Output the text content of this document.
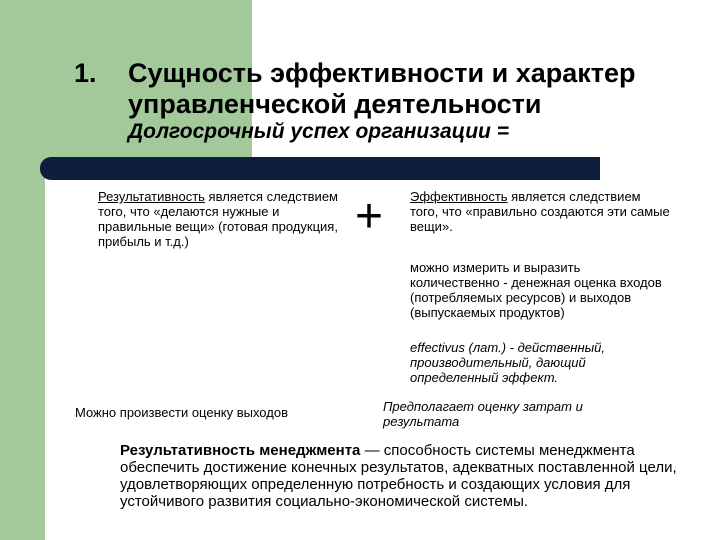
1. Сущность эффективности и характер
управленческой деятельности
Долгосрочный успех организации =
Результативность является следствием того, что «делаются нужные и правильные вещи» (готовая продукция, прибыль и т.д.)	+ Эффективность является следствием того, что «правильно создаются эти самые вещи».
можно измерить и выразить количественно - денежная оценка входов (потребляемых ресурсов) и выходов (выпускаемых продуктов)
effectivus (лат.) - действенный, производительный, дающий определенный эффект.
Можно произвести оценку выходов	Предполагает оценку затрат и результата
Результативность менеджмента — способность системы менеджмента обеспечить достижение конечных результатов, адекватных поставленной цели, удовлетворяющих определенную потребность и создающих условия для устойчивого развития социально-экономической системы.
